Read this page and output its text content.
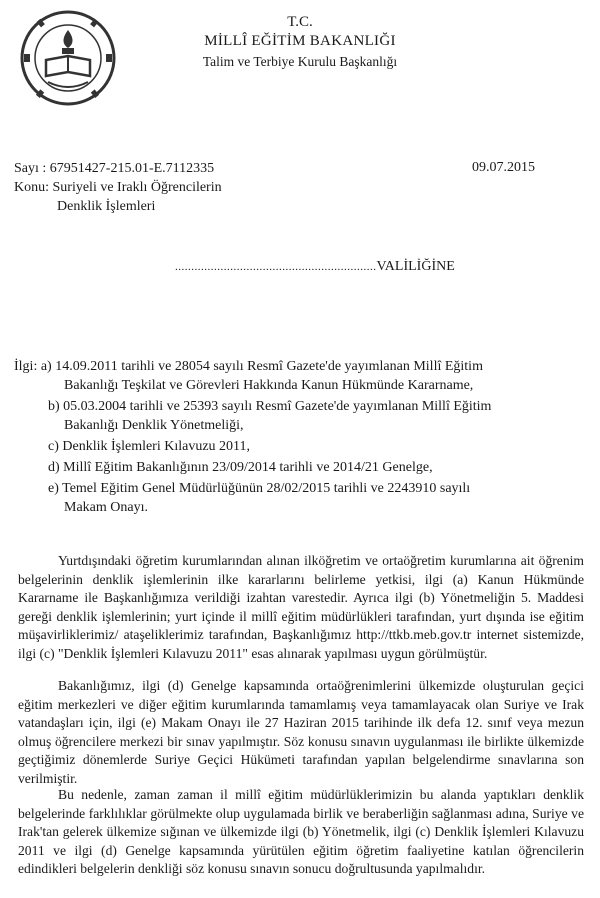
T.C.
MİLLÎ EĞİTİM BAKANLIĞI
Talim ve Terbiye Kurulu Başkanlığı
Sayı : 67951427-215.01-E.7112335	09.07.2015
Konu: Suriyeli ve Iraklı Öğrencilerin
Denklik İşlemleri
..............................................................VALİLİĞİNE
İlgi: a) 14.09.2011 tarihli ve 28054 sayılı Resmî Gazete'de yayımlanan Millî Eğitim
Bakanlığı Teşkilat ve Görevleri Hakkında Kanun Hükmünde Kararname,
b) 05.03.2004 tarihli ve 25393 sayılı Resmî Gazete'de yayımlanan Millî Eğitim
Bakanlığı Denklik Yönetmeliği,
c) Denklik İşlemleri Kılavuzu 2011,
d) Millî Eğitim Bakanlığının 23/09/2014 tarihli ve 2014/21 Genelge,
e) Temel Eğitim Genel Müdürlüğünün 28/02/2015 tarihli ve 2243910 sayılı
Makam Onayı.
Yurtdışındaki öğretim kurumlarından alınan ilköğretim ve ortaöğretim kurumlarına ait öğrenim belgelerinin denklik işlemlerinin ilke kararlarını belirleme yetkisi, ilgi (a) Kanun Hükmünde Kararname ile Başkanlığımıza verildiği izahtan varestedir. Ayrıca ilgi (b) Yönetmeliğin 5. Maddesi gereği denklik işlemlerinin; yurt içinde il millî eğitim müdürlükleri tarafından, yurt dışında ise eğitim müşavirliklerimiz/ ataşeliklerimiz tarafından, Başkanlığımız http://ttkb.meb.gov.tr internet sistemizde, ilgi (c) "Denklik İşlemleri Kılavuzu 2011" esas alınarak yapılması uygun görülmüştür.
Bakanlığımız, ilgi (d) Genelge kapsamında ortaöğrenimlerini ülkemizde oluşturulan geçici eğitim merkezleri ve diğer eğitim kurumlarında tamamlamış veya tamamlayacak olan Suriye ve Irak vatandaşları için, ilgi (e) Makam Onayı ile 27 Haziran 2015 tarihinde ilk defa 12. sınıf veya mezun olmuş öğrencilere merkezi bir sınav yapılmıştır. Söz konusu sınavın uygulanması ile birlikte ülkemizde geçtiğimiz dönemlerde Suriye Geçici Hükümeti tarafından yapılan belgelendirme sınavlarına son verilmiştir.
Bu nedenle, zaman zaman il millî eğitim müdürlüklerimizin bu alanda yaptıkları denklik belgelerinde farklılıklar görülmekte olup uygulamada birlik ve beraberliğin sağlanması adına, Suriye ve Irak'tan gelerek ülkemize sığınan ve ülkemizde ilgi (b) Yönetmelik, ilgi (c) Denklik İşlemleri Kılavuzu 2011 ve ilgi (d) Genelge kapsamında yürütülen eğitim öğretim faaliyetine katılan öğrencilerin edindikleri belgelerin denkliği söz konusu sınavın sonucu doğrultusunda yapılmalıdır.
